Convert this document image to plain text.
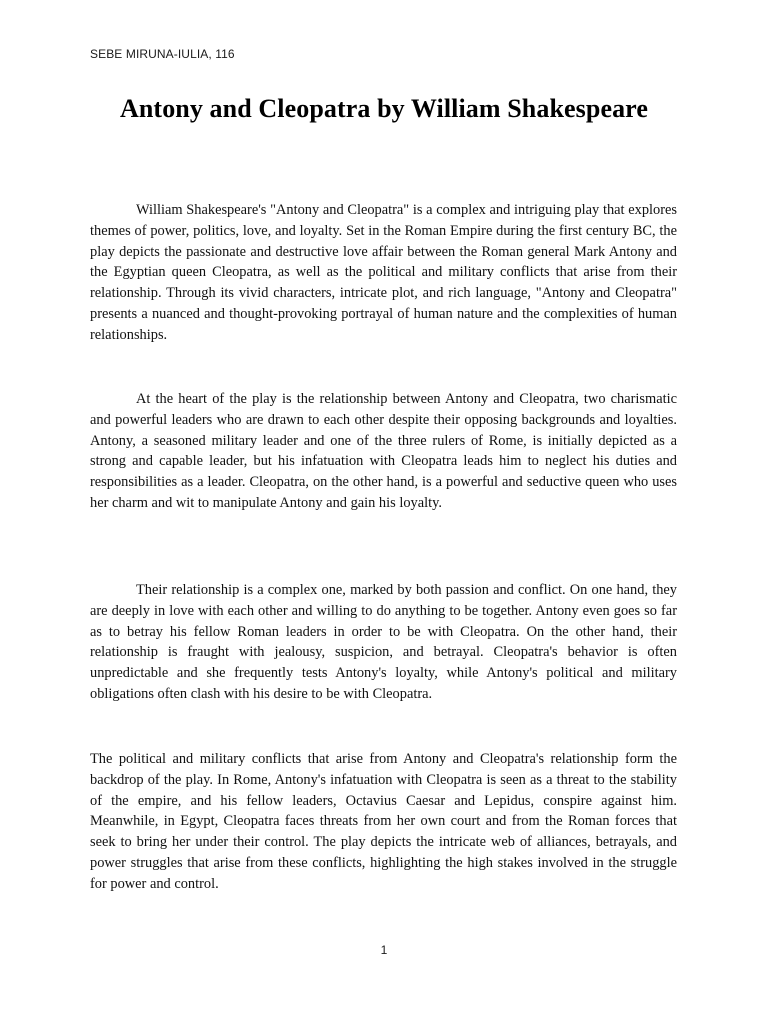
SEBE MIRUNA-IULIA, 116
Antony and Cleopatra by William Shakespeare

William Shakespeare's "Antony and Cleopatra" is a complex and intriguing play that explores themes of power, politics, love, and loyalty. Set in the Roman Empire during the first century BC, the play depicts the passionate and destructive love affair between the Roman general Mark Antony and the Egyptian queen Cleopatra, as well as the political and military conflicts that arise from their relationship. Through its vivid characters, intricate plot, and rich language, "Antony and Cleopatra" presents a nuanced and thought-provoking portrayal of human nature and the complexities of human relationships.

At the heart of the play is the relationship between Antony and Cleopatra, two charismatic and powerful leaders who are drawn to each other despite their opposing backgrounds and loyalties. Antony, a seasoned military leader and one of the three rulers of Rome, is initially depicted as a strong and capable leader, but his infatuation with Cleopatra leads him to neglect his duties and responsibilities as a leader. Cleopatra, on the other hand, is a powerful and seductive queen who uses her charm and wit to manipulate Antony and gain his loyalty.

Their relationship is a complex one, marked by both passion and conflict. On one hand, they are deeply in love with each other and willing to do anything to be together. Antony even goes so far as to betray his fellow Roman leaders in order to be with Cleopatra. On the other hand, their relationship is fraught with jealousy, suspicion, and betrayal. Cleopatra's behavior is often unpredictable and she frequently tests Antony's loyalty, while Antony's political and military obligations often clash with his desire to be with Cleopatra.

The political and military conflicts that arise from Antony and Cleopatra's relationship form the backdrop of the play. In Rome, Antony's infatuation with Cleopatra is seen as a threat to the stability of the empire, and his fellow leaders, Octavius Caesar and Lepidus, conspire against him. Meanwhile, in Egypt, Cleopatra faces threats from her own court and from the Roman forces that seek to bring her under their control. The play depicts the intricate web of alliances, betrayals, and power struggles that arise from these conflicts, highlighting the high stakes involved in the struggle for power and control.

1
